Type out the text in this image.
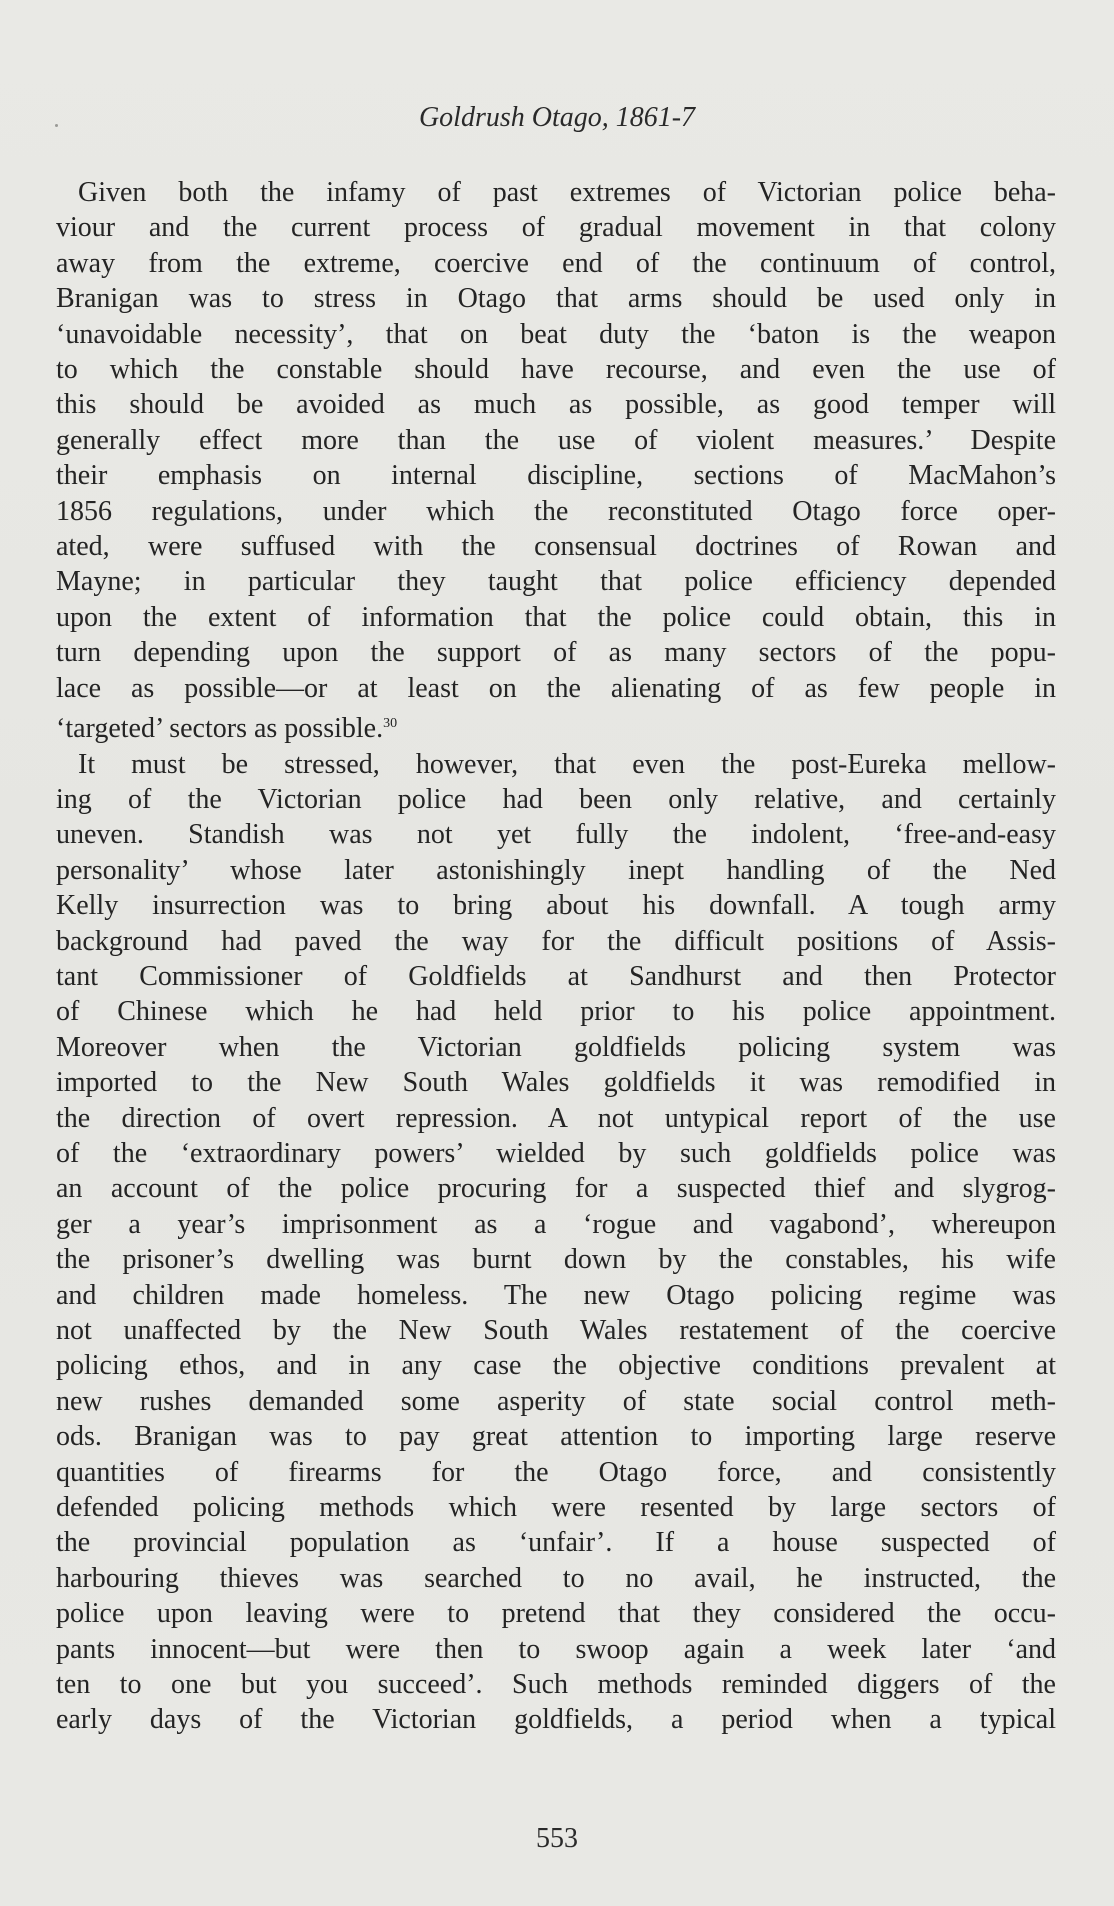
Goldrush Otago, 1861-7

Given both the infamy of past extremes of Victorian police beha-
viour and the current process of gradual movement in that colony
away from the extreme, coercive end of the continuum of control,
Branigan was to stress in Otago that arms should be used only in
‘unavoidable necessity’, that on beat duty the ‘baton is the weapon
to which the constable should have recourse, and even the use of
this should be avoided as much as possible, as good temper will
generally effect more than the use of violent measures.’ Despite
their emphasis on internal discipline, sections of MacMahon’s
1856 regulations, under which the reconstituted Otago force oper-
ated, were suffused with the consensual doctrines of Rowan and
Mayne; in particular they taught that police efficiency depended
upon the extent of information that the police could obtain, this in
turn depending upon the support of as many sectors of the popu-
lace as possible—or at least on the alienating of as few people in
‘targeted’ sectors as possible.$^{30}$

It must be stressed, however, that even the post-Eureka mellow-
ing of the Victorian police had been only relative, and certainly
uneven. Standish was not yet fully the indolent, ‘free-and-easy
personality’ whose later astonishingly inept handling of the Ned
Kelly insurrection was to bring about his downfall. A tough army
background had paved the way for the difficult positions of Assis-
tant Commissioner of Goldfields at Sandhurst and then Protector
of Chinese which he had held prior to his police appointment.
Moreover when the Victorian goldfields policing system was
imported to the New South Wales goldfields it was remodified in
the direction of overt repression. A not untypical report of the use
of the ‘extraordinary powers’ wielded by such goldfields police was
an account of the police procuring for a suspected thief and slygrog-
ger a year’s imprisonment as a ‘rogue and vagabond’, whereupon
the prisoner’s dwelling was burnt down by the constables, his wife
and children made homeless. The new Otago policing regime was
not unaffected by the New South Wales restatement of the coercive
policing ethos, and in any case the objective conditions prevalent at
new rushes demanded some asperity of state social control meth-
ods. Branigan was to pay great attention to importing large reserve
quantities of firearms for the Otago force, and consistently
defended policing methods which were resented by large sectors of
the provincial population as ‘unfair’. If a house suspected of
harbouring thieves was searched to no avail, he instructed, the
police upon leaving were to pretend that they considered the occu-
pants innocent—but were then to swoop again a week later ‘and
ten to one but you succeed’. Such methods reminded diggers of the
early days of the Victorian goldfields, a period when a typical

553
